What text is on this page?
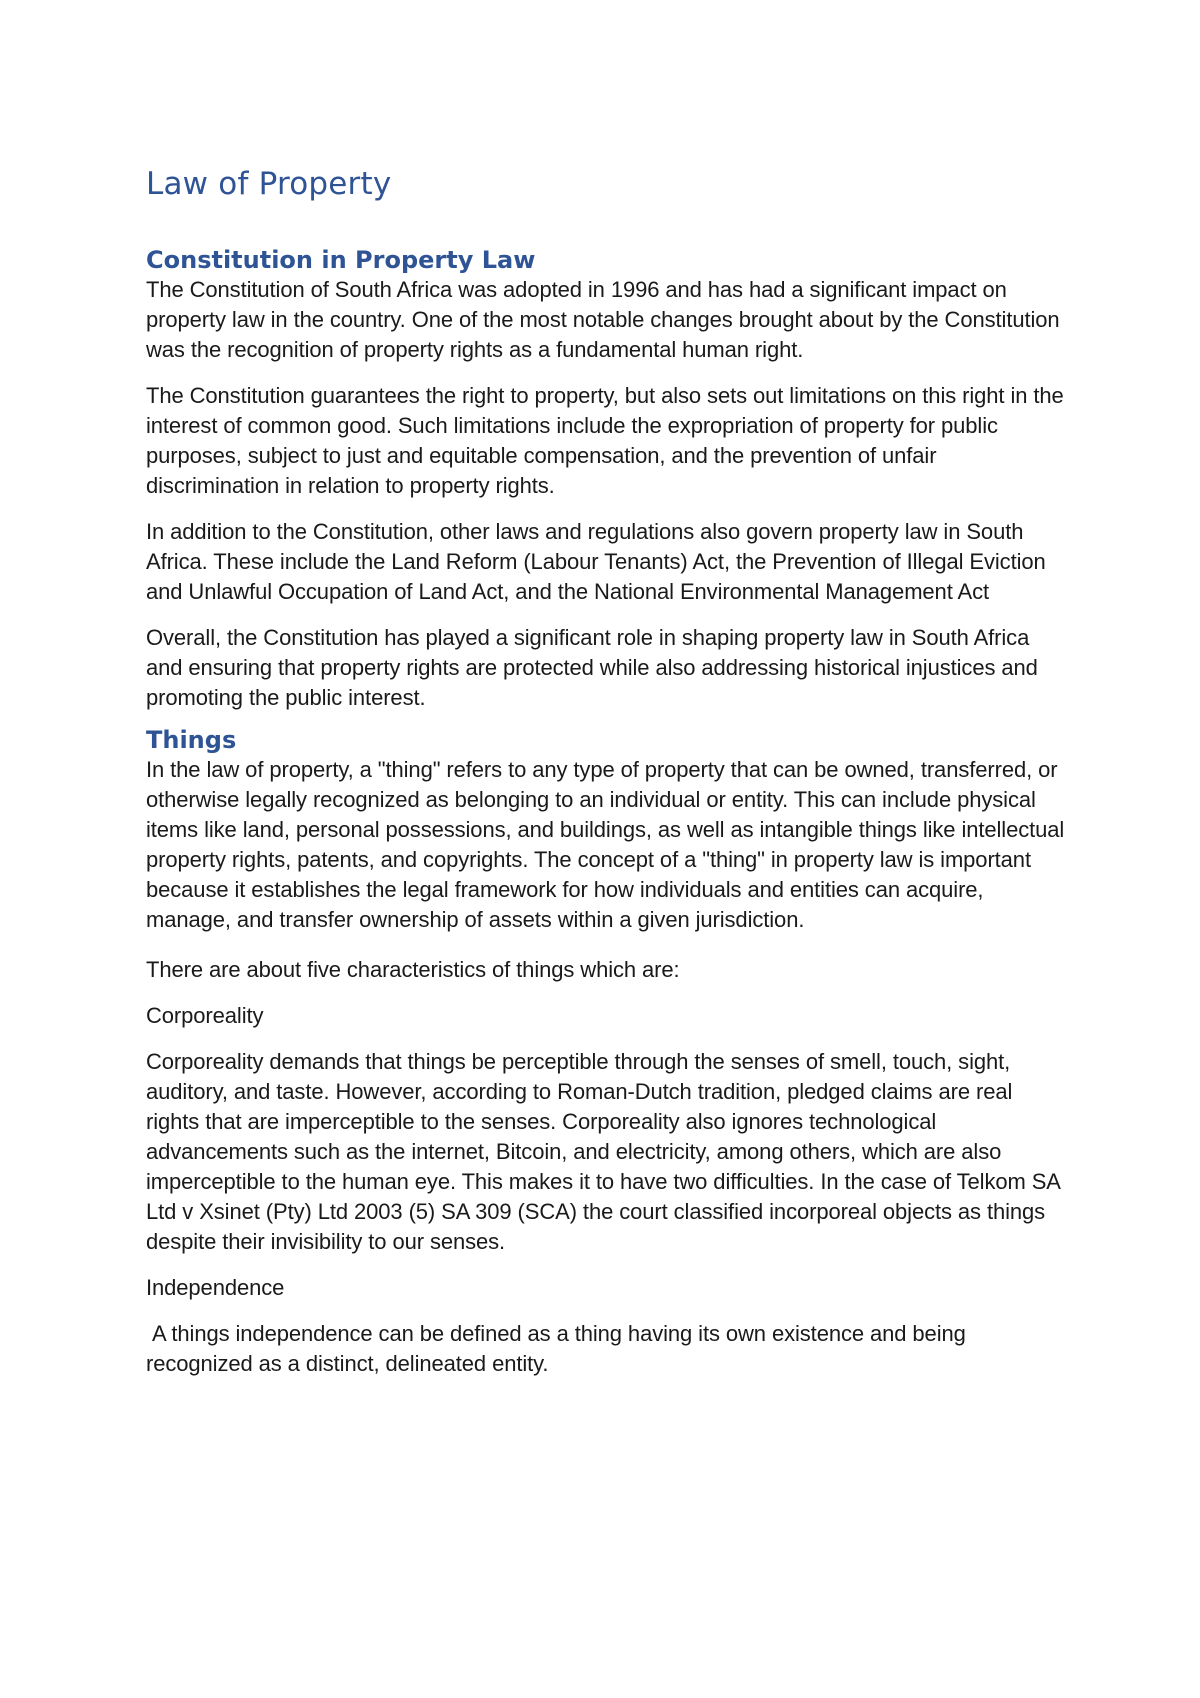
Law of Property
Constitution in Property Law

The Constitution of South Africa was adopted in 1996 and has had a significant impact on property law in the country. One of the most notable changes brought about by the Constitution was the recognition of property rights as a fundamental human right.

The Constitution guarantees the right to property, but also sets out limitations on this right in the interest of common good. Such limitations include the expropriation of property for public purposes, subject to just and equitable compensation, and the prevention of unfair discrimination in relation to property rights.

In addition to the Constitution, other laws and regulations also govern property law in South Africa. These include the Land Reform (Labour Tenants) Act, the Prevention of Illegal Eviction and Unlawful Occupation of Land Act, and the National Environmental Management Act

Overall, the Constitution has played a significant role in shaping property law in South Africa and ensuring that property rights are protected while also addressing historical injustices and promoting the public interest.

Things

In the law of property, a "thing" refers to any type of property that can be owned, transferred, or otherwise legally recognized as belonging to an individual or entity. This can include physical items like land, personal possessions, and buildings, as well as intangible things like intellectual property rights, patents, and copyrights. The concept of a "thing" in property law is important because it establishes the legal framework for how individuals and entities can acquire, manage, and transfer ownership of assets within a given jurisdiction.

There are about five characteristics of things which are:

Corporeality

Corporeality demands that things be perceptible through the senses of smell, touch, sight, auditory, and taste. However, according to Roman-Dutch tradition, pledged claims are real rights that are imperceptible to the senses. Corporeality also ignores technological advancements such as the internet, Bitcoin, and electricity, among others, which are also imperceptible to the human eye. This makes it to have two difficulties. In the case of Telkom SA Ltd v Xsinet (Pty) Ltd 2003 (5) SA 309 (SCA) the court classified incorporeal objects as things despite their invisibility to our senses.

Independence

A things independence can be defined as a thing having its own existence and being recognized as a distinct, delineated entity.
